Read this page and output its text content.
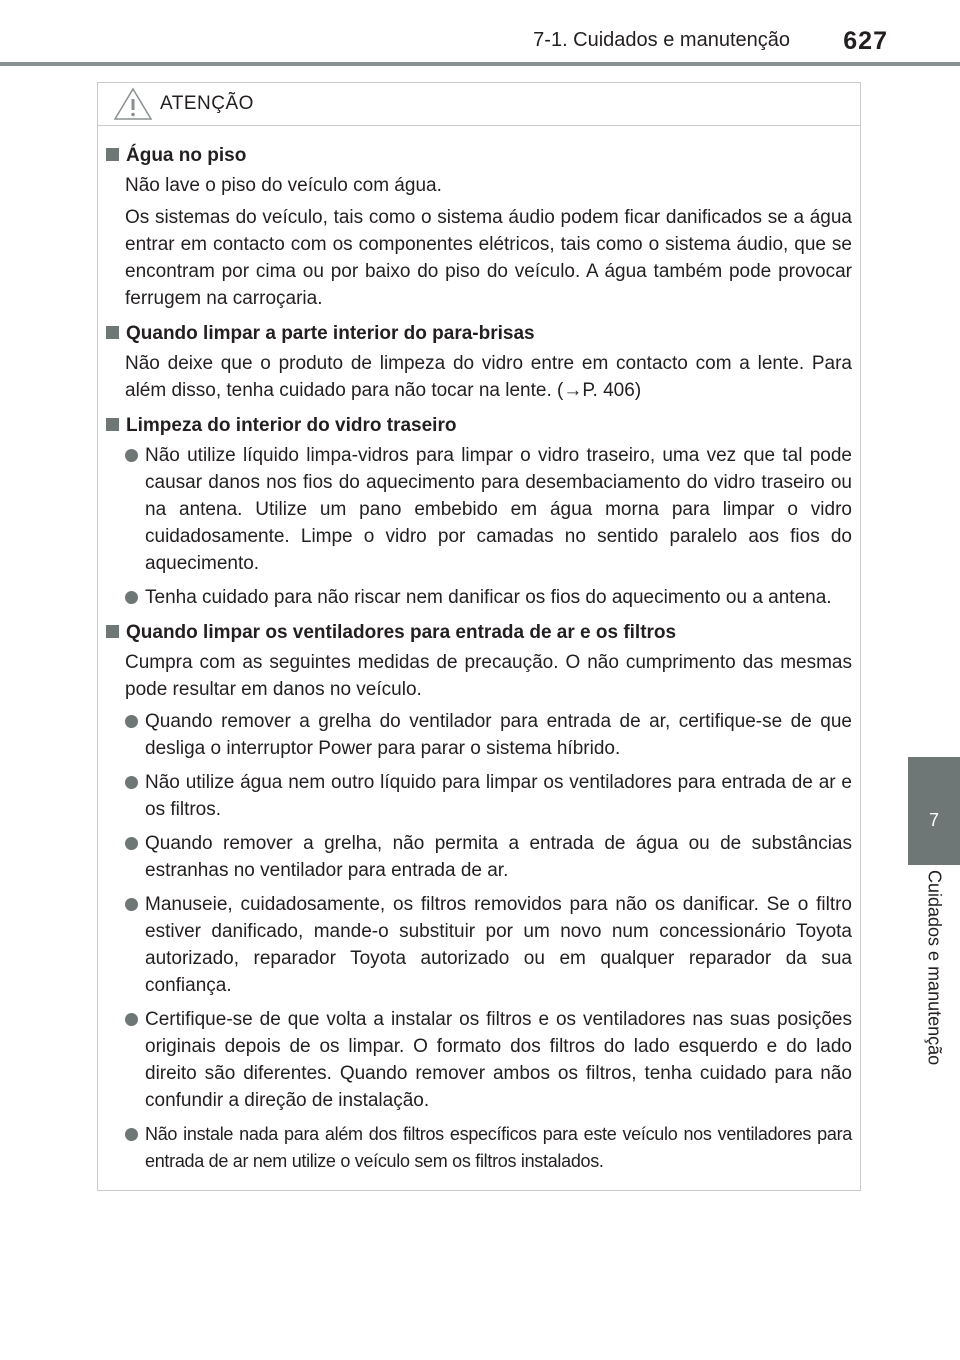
7-1. Cuidados e manutenção 627
7
Cuidados e manutenção
ATENÇÃO
Água no piso
Não lave o piso do veículo com água.
Os sistemas do veículo, tais como o sistema áudio podem ficar danificados se a água entrar em contacto com os componentes elétricos, tais como o sistema áudio, que se encontram por cima ou por baixo do piso do veículo. A água também pode provocar ferrugem na carroçaria.
Quando limpar a parte interior do para-brisas
Não deixe que o produto de limpeza do vidro entre em contacto com a lente. Para além disso, tenha cuidado para não tocar na lente. (→P. 406)
Limpeza do interior do vidro traseiro
Não utilize líquido limpa-vidros para limpar o vidro traseiro, uma vez que tal pode causar danos nos fios do aquecimento para desembaciamento do vidro traseiro ou na antena. Utilize um pano embebido em água morna para limpar o vidro cuidadosamente. Limpe o vidro por camadas no sentido paralelo aos fios do aquecimento.
Tenha cuidado para não riscar nem danificar os fios do aquecimento ou a antena.
Quando limpar os ventiladores para entrada de ar e os filtros
Cumpra com as seguintes medidas de precaução. O não cumprimento das mesmas pode resultar em danos no veículo.
Quando remover a grelha do ventilador para entrada de ar, certifique-se de que desliga o interruptor Power para parar o sistema híbrido.
Não utilize água nem outro líquido para limpar os ventiladores para entrada de ar e os filtros.
Quando remover a grelha, não permita a entrada de água ou de substâncias estranhas no ventilador para entrada de ar.
Manuseie, cuidadosamente, os filtros removidos para não os danificar. Se o filtro estiver danificado, mande-o substituir por um novo num concessionário Toyota autorizado, reparador Toyota autorizado ou em qualquer reparador da sua confiança.
Certifique-se de que volta a instalar os filtros e os ventiladores nas suas posições originais depois de os limpar. O formato dos filtros do lado esquerdo e do lado direito são diferentes. Quando remover ambos os filtros, tenha cuidado para não confundir a direção de instalação.
Não instale nada para além dos filtros específicos para este veículo nos ventiladores para entrada de ar nem utilize o veículo sem os filtros instalados.
